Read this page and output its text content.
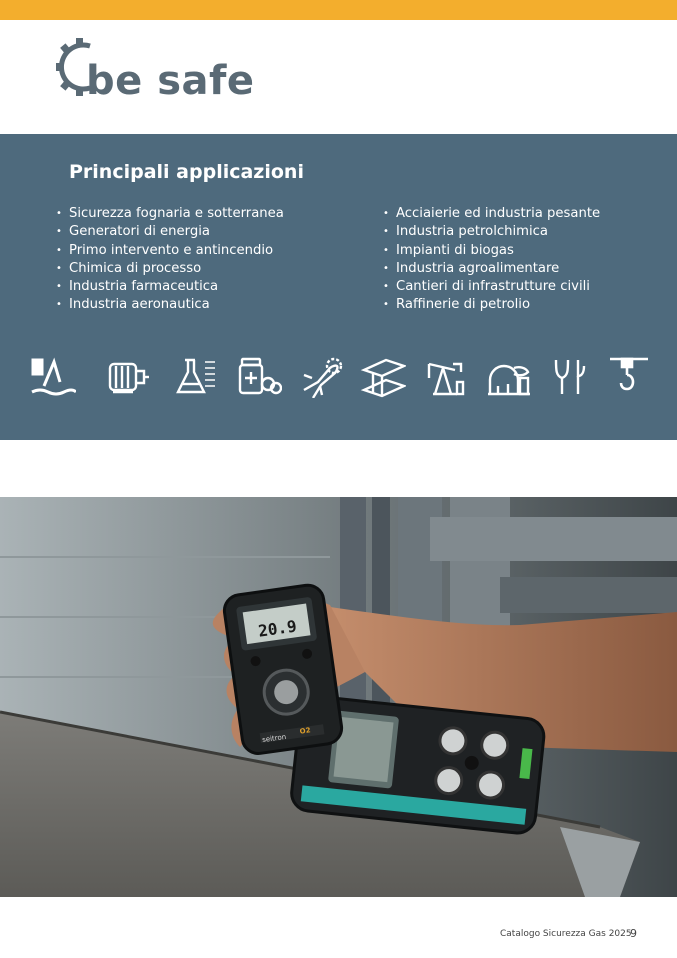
be safe
Principali applicazioni
• Sicurezza fognaria e sotterranea
• Generatori di energia
• Primo intervento e antincendio
• Chimica di processo
• Industria farmaceutica
• Industria aeronautica
• Acciaierie ed industria pesante
• Industria petrolchimica
• Impianti di biogas
• Industria agroalimentare
• Cantieri di infrastrutture civili
• Raffinerie di petrolio
20.9
seitron
O2
Catalogo Sicurezza Gas 2025
9
